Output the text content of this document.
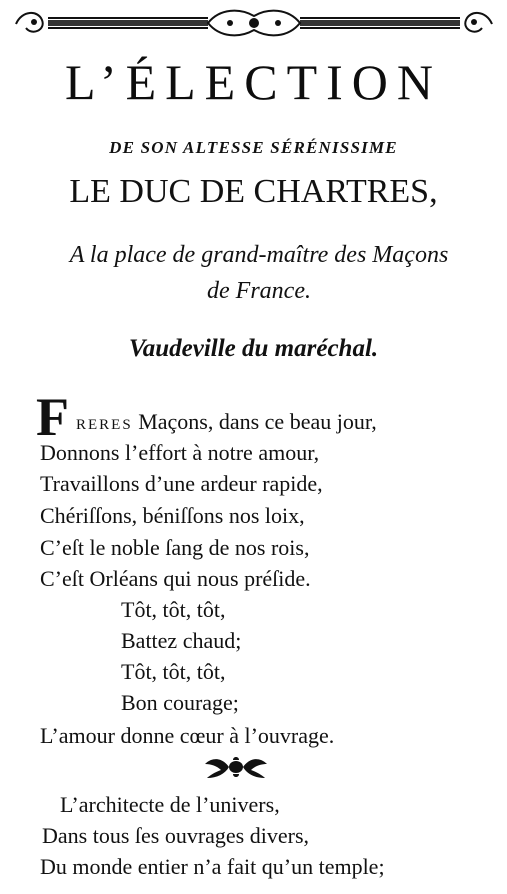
L’ÉLECTION
DE SON ALTESSE SÉRÉNISSIME
LE DUC DE CHARTRES,
A la place de grand-maître des Maçons
de France.
Vaudeville du maréchal.
F RERES Maçons, dans ce beau jour,
Donnons l’effort à notre amour,
Travaillons d’une ardeur rapide,
Chériſſons, béniſſons nos loix,
C’eſt le noble ſang de nos rois,
C’eſt Orléans qui nous préſide.
Tôt, tôt, tôt,
Battez chaud;
Tôt, tôt, tôt,
Bon courage;
L’amour donne cœur à l’ouvrage.
L’architecte de l’univers,
Dans tous ſes ouvrages divers,
Du monde entier n’a fait qu’un temple;
